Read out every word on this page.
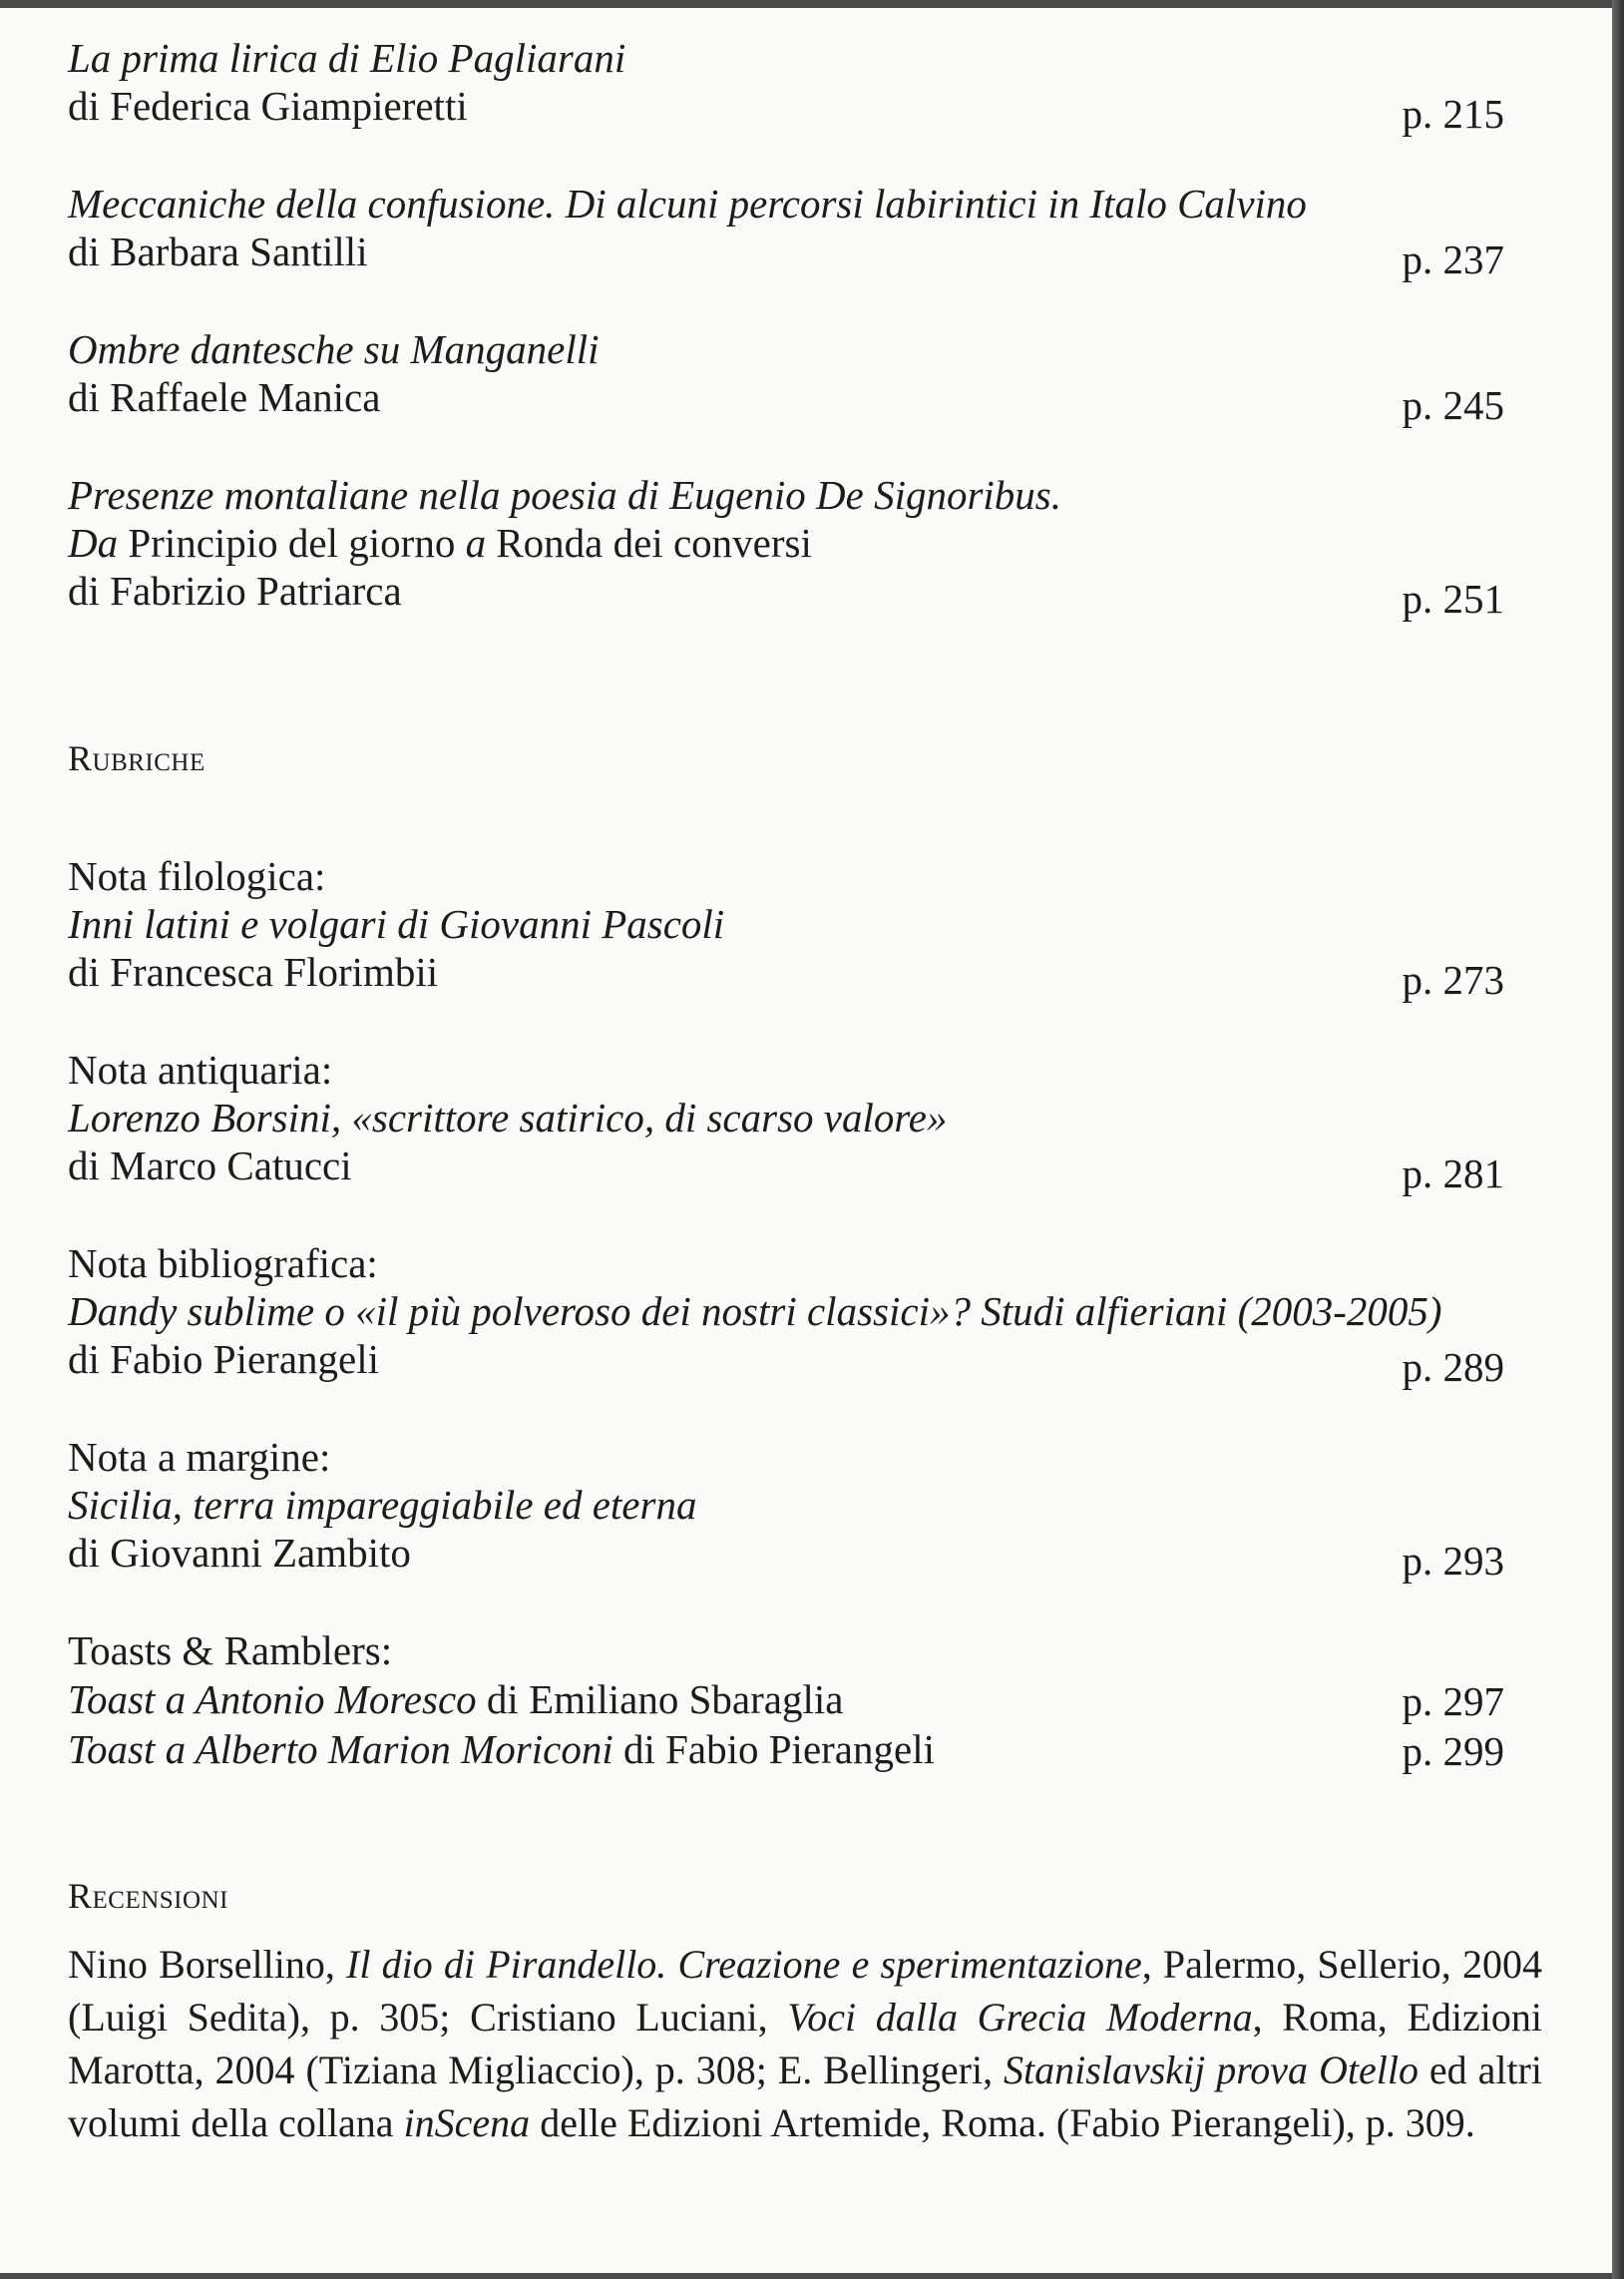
La prima lirica di Elio Pagliarani
di Federica Giampieretti	p. 215
Meccaniche della confusione. Di alcuni percorsi labirintici in Italo Calvino
di Barbara Santilli	p. 237
Ombre dantesche su Manganelli
di Raffaele Manica	p. 245
Presenze montaliane nella poesia di Eugenio De Signoribus.
Da Principio del giorno a Ronda dei conversi
di Fabrizio Patriarca	p. 251
Rubriche
Nota filologica:
Inni latini e volgari di Giovanni Pascoli
di Francesca Florimbii	p. 273
Nota antiquaria:
Lorenzo Borsini, «scrittore satirico, di scarso valore»
di Marco Catucci	p. 281
Nota bibliografica:
Dandy sublime o «il più polveroso dei nostri classici»? Studi alfieriani (2003-2005)
di Fabio Pierangeli	p. 289
Nota a margine:
Sicilia, terra impareggiabile ed eterna
di Giovanni Zambito	p. 293
Toasts & Ramblers:
Toast a Antonio Moresco di Emiliano Sbaraglia	p. 297
Toast a Alberto Marion Moriconi di Fabio Pierangeli	p. 299
Recensioni
Nino Borsellino, Il dio di Pirandello. Creazione e sperimentazione, Palermo, Sellerio, 2004 (Luigi Sedita), p. 305; Cristiano Luciani, Voci dalla Grecia Moderna, Roma, Edizioni Marotta, 2004 (Tiziana Migliaccio), p. 308; E. Bellingeri, Stanislavskij prova Otello ed altri volumi della collana inScena delle Edizioni Artemide, Roma. (Fabio Pierangeli), p. 309.
